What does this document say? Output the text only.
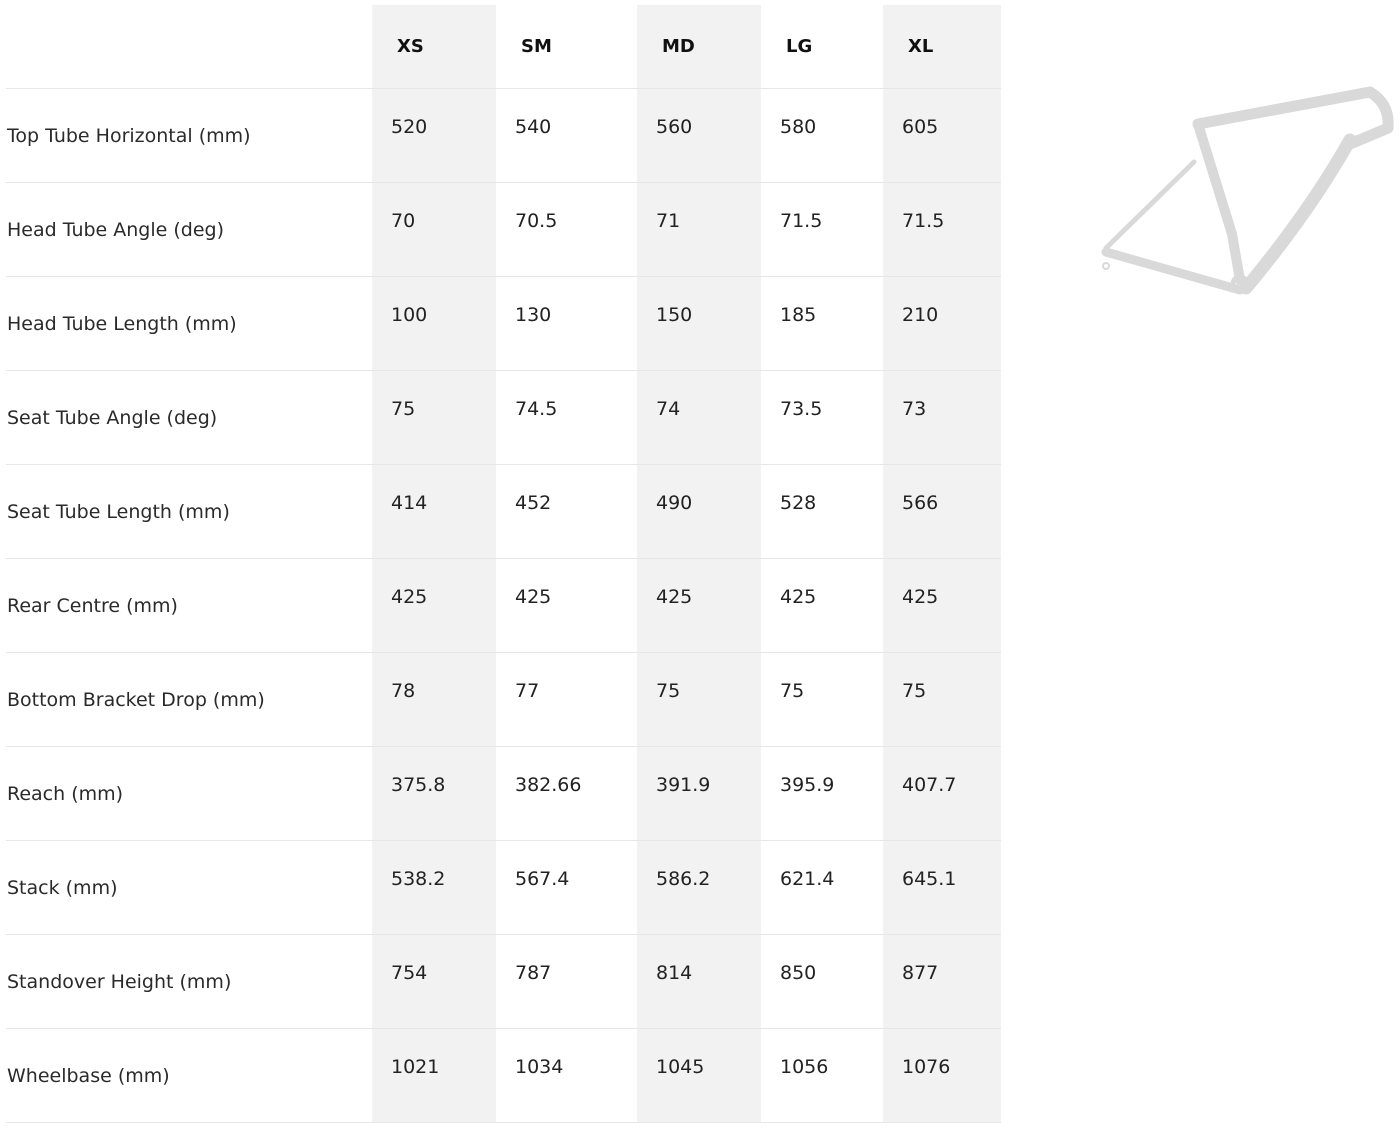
	XS	SM	MD	LG	XL
Top Tube Horizontal (mm)	520	540	560	580	605
Head Tube Angle (deg)	70	70.5	71	71.5	71.5
Head Tube Length (mm)	100	130	150	185	210
Seat Tube Angle (deg)	75	74.5	74	73.5	73
Seat Tube Length (mm)	414	452	490	528	566
Rear Centre (mm)	425	425	425	425	425
Bottom Bracket Drop (mm)	78	77	75	75	75
Reach (mm)	375.8	382.66	391.9	395.9	407.7
Stack (mm)	538.2	567.4	586.2	621.4	645.1
Standover Height (mm)	754	787	814	850	877
Wheelbase (mm)	1021	1034	1045	1056	1076
